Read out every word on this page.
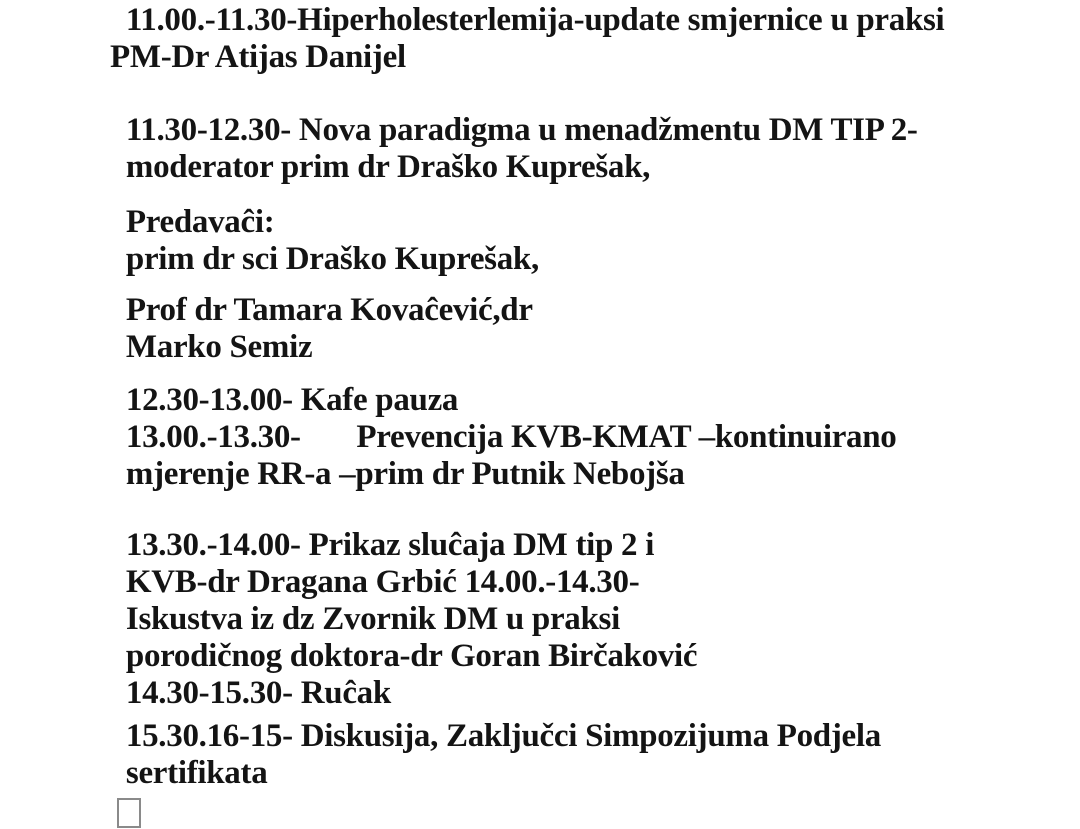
11.00.-11.30-Hiperholesterlemija-update smjernice u praksi
PM-Dr Atijas Danijel
11.30-12.30- Nova paradigma u menadžmentu DM TIP 2-
moderator prim dr Draško Kuprešak,
Predavaĉi:
prim dr sci Draško Kuprešak,
Prof dr Tamara Kovaĉević,dr
Marko Semiz
12.30-13.00- Kafe pauza
13.00.-13.30-       Prevencija KVB-KMAT –kontinuirano
mjerenje RR-a –prim dr Putnik Nebojša
13.30.-14.00- Prikaz sluĉaja DM tip 2 i
KVB-dr Dragana Grbić 14.00.-14.30-
Iskustva iz dz Zvornik DM u praksi
porodičnog doktora-dr Goran Birčaković
14.30-15.30- Ruĉak
15.30.16-15- Diskusija, Zaključci Simpozijuma Podjela
sertifikata
